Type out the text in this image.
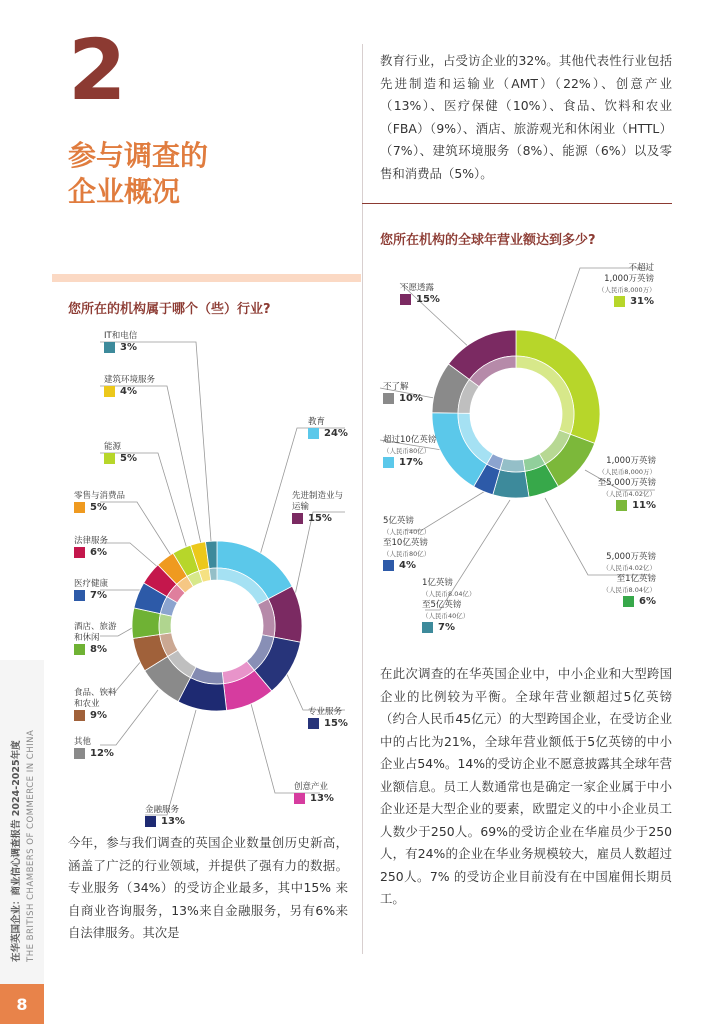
2
参与调查的
企业概况
教育行业，占受访企业的32%。其他代表性行业包括先进制造和运输业（AMT）（22%）、创意产业（13%）、医疗保健（10%）、食品、饮料和农业（FBA）（9%）、酒店、旅游观光和休闲业（HTTL）（7%）、建筑环境服务（8%）、能源（6%）以及零售和消费品（5%）。
您所在机构的全球年营业额达到多少?
您所在的机构属于哪个（些）行业?
IT和电信
3%
建筑环境服务
4%
能源
5%
零售与消费品
5%
法律服务
6%
医疗健康
7%
酒店、旅游
和休闲
8%
食品、饮料
和农业
9%
其他
12%
金融服务
13%
创意产业
13%
专业服务
15%
先进制造业与
运输
15%
教育
24%
不超过
1,000万英镑
（人民币8,000万）
31%
1,000万英镑
（人民币8,000万）
至5,000万英镑
（人民币4.02亿）
11%
5,000万英镑
（人民币4.02亿）
至1亿英镑
（人民币8.04亿）
6%
1亿英镑
（人民币8.04亿）
至5亿英镑
（人民币40亿）
7%
5亿英镑
（人民币40亿）
至10亿英镑
（人民币80亿）
4%
超过10亿英镑
（人民币80亿）
17%
不了解
10%
不愿透露
15%
在此次调查的在华英国企业中，中小企业和大型跨国企业的比例较为平衡。全球年营业额超过5亿英镑（约合人民币45亿元）的大型跨国企业，在受访企业中的占比为21%，全球年营业额低于5亿英镑的中小企业占54%。14%的受访企业不愿意披露其全球年营业额信息。员工人数通常也是确定一家企业属于中小企业还是大型企业的要素，欧盟定义的中小企业员工人数少于250人。69%的受访企业在华雇员少于250人，有24%的企业在华业务规模较大，雇员人数超过250人。7% 的受访企业目前没有在中国雇佣长期员工。
今年，参与我们调查的英国企业数量创历史新高，涵盖了广泛的行业领域，并提供了强有力的数据。专业服务（34%）的受访企业最多，其中15% 来自商业咨询服务，13%来自金融服务，另有6%来自法律服务。其次是
在华英国企业：商业信心调查报告 2024-2025年度 THE BRITISH CHAMBERS OF COMMERCE IN CHINA
8
